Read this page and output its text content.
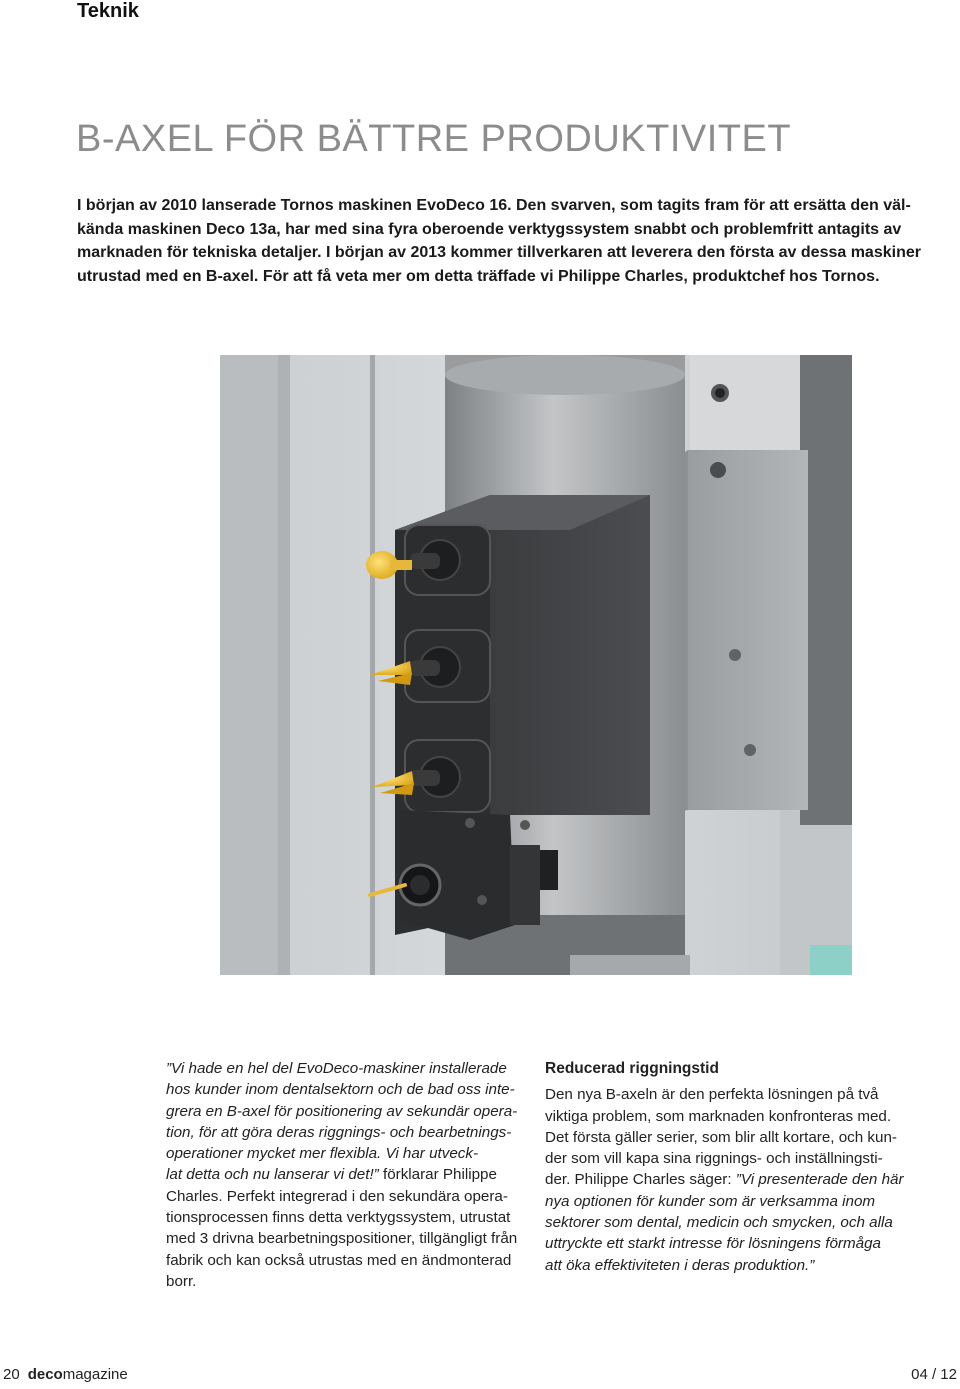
Teknik
B-AXEL FÖR BÄTTRE PRODUKTIVITET

I början av 2010 lanserade Tornos maskinen EvoDeco 16. Den svarven, som tagits fram för att ersätta den väl-
kända maskinen Deco 13a, har med sina fyra oberoende verktygssystem snabbt och problemfritt antagits av
marknaden för tekniska detaljer. I början av 2013 kommer tillverkaren att leverera den första av dessa maskiner
utrustad med en B-axel. För att få veta mer om detta träffade vi Philippe Charles, produktchef hos Tornos.

”Vi hade en hel del EvoDeco-maskiner installerade
hos kunder inom dentalsektorn och de bad oss inte-
grera en B-axel för positionering av sekundär opera-
tion, för att göra deras riggnings- och bearbetnings-
operationer mycket mer flexibla. Vi har utveck-
lat detta och nu lanserar vi det!” förklarar Philippe
Charles. Perfekt integrerad i den sekundära opera-
tionsprocessen finns detta verktygssystem, utrustat
med 3 drivna bearbetningspositioner, tillgängligt från
fabrik och kan också utrustas med en ändmonterad
borr.
Reducerad riggningstid
Den nya B-axeln är den perfekta lösningen på två
viktiga problem, som marknaden konfronteras med.
Det första gäller serier, som blir allt kortare, och kun-
der som vill kapa sina riggnings- och inställningsti-
der. Philippe Charles säger: ”Vi presenterade den här
nya optionen för kunder som är verksamma inom
sektorer som dental, medicin och smycken, och alla
uttryckte ett starkt intresse för lösningens förmåga
att öka effektiviteten i deras produktion.”
20 decomagazine	04 / 12
